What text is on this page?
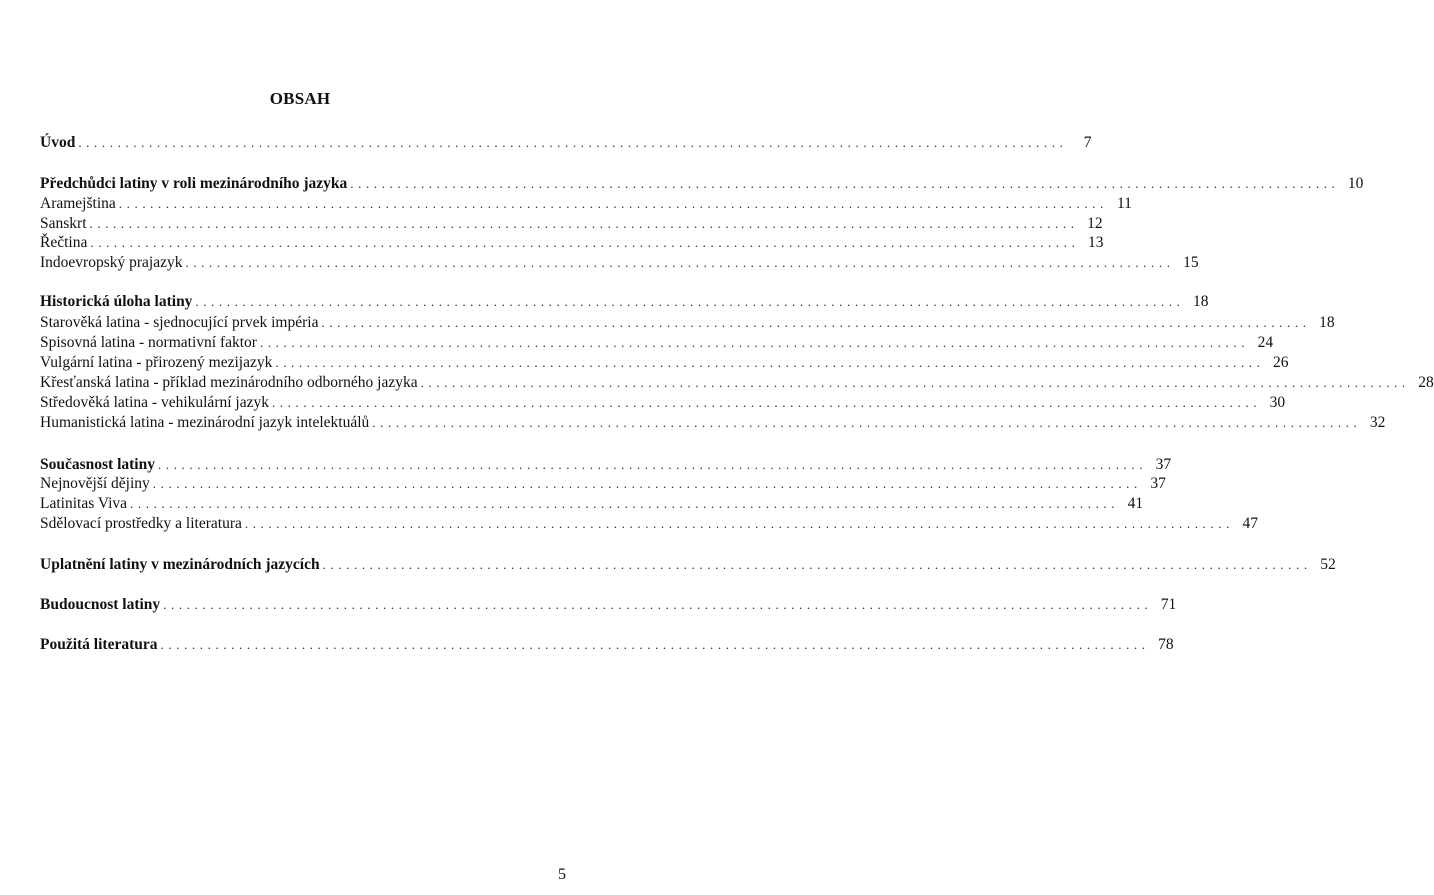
OBSAH
Úvod ..............................................................................................................................	7
Předchůdci latiny v roli mezinárodního jazyka .............................................................................................................................. 10
Aramejština .............................................................................................................................. 11
Sanskrt .............................................................................................................................. 12
Řečtina .............................................................................................................................. 13
Indoevropský prajazyk .............................................................................................................................. 15
Historická úloha latiny .............................................................................................................................. 18
Starověká latina - sjednocující prvek impéria .............................................................................................................................. 18
Spisovná latina - normativní faktor .............................................................................................................................. 24
Vulgární latina - přirozený mezijazyk .............................................................................................................................. 26
Křesťanská latina - příklad mezinárodního odborného jazyka .............................................................................................................................. 28
Středověká latina - vehikulární jazyk .............................................................................................................................. 30
Humanistická latina - mezinárodní jazyk intelektuálů .............................................................................................................................. 32
Současnost latiny .............................................................................................................................. 37
Nejnovější dějiny .............................................................................................................................. 37
Latinitas Viva .............................................................................................................................. 41
Sdělovací prostředky a literatura .............................................................................................................................. 47
Uplatnění latiny v mezinárodních jazycích .............................................................................................................................. 52
Budoucnost latiny .............................................................................................................................. 71
Použitá literatura .............................................................................................................................. 78
5
